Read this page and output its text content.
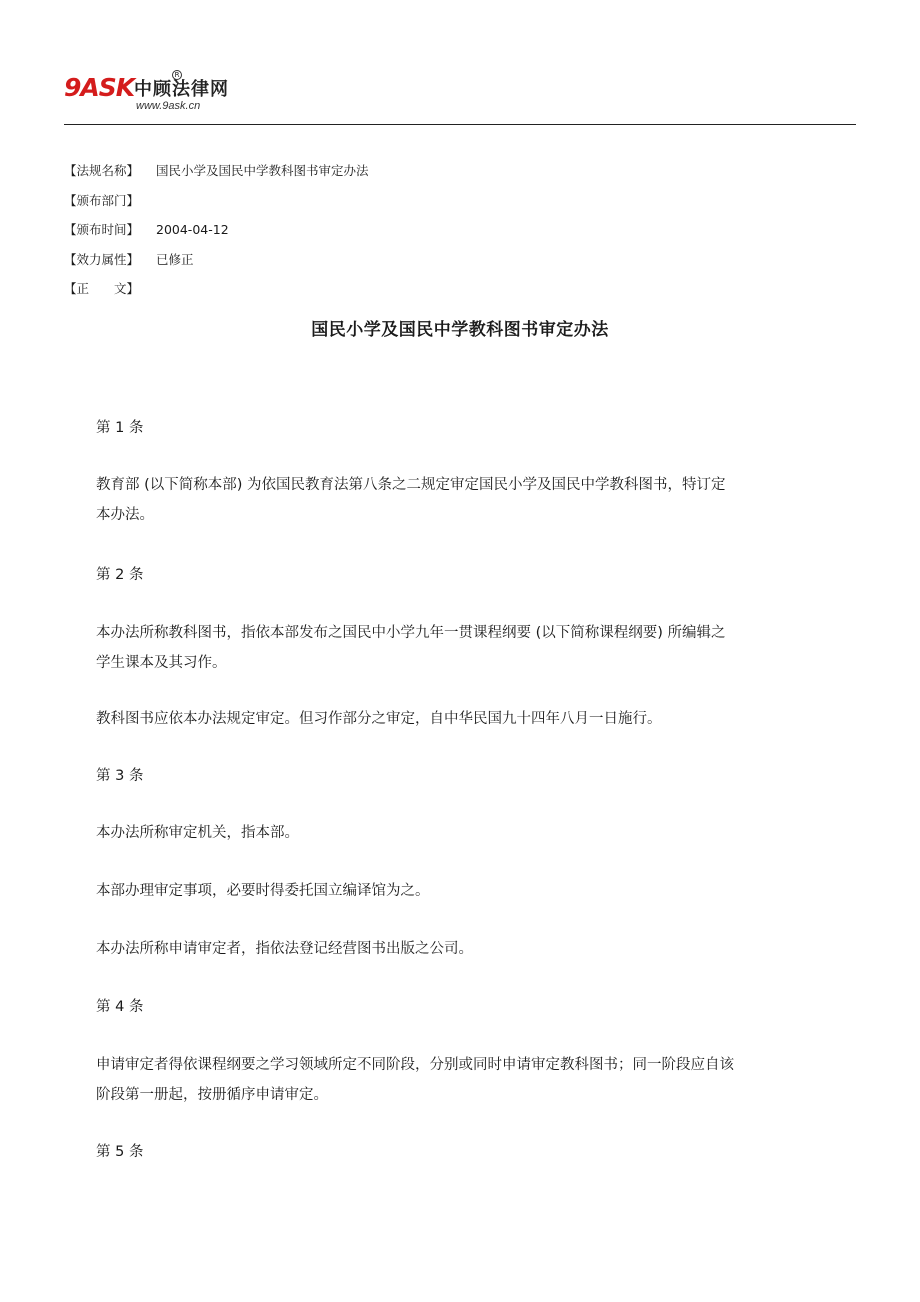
9ASK 中顾法律网
R
www.9ask.cn
【法规名称】 国民小学及国民中学教科图书审定办法
【颁布部门】
【颁布时间】 2004-04-12
【效力属性】 已修正
【正　　文】
国民小学及国民中学教科图书审定办法
第 1 条
教育部 (以下简称本部) 为依国民教育法第八条之二规定审定国民小学及国民中学教科图书，特订定本办法。
第 2 条
本办法所称教科图书，指依本部发布之国民中小学九年一贯课程纲要 (以下简称课程纲要) 所编辑之学生课本及其习作。
教科图书应依本办法规定审定。但习作部分之审定，自中华民国九十四年八月一日施行。
第 3 条
本办法所称审定机关，指本部。
本部办理审定事项，必要时得委托国立编译馆为之。
本办法所称申请审定者，指依法登记经营图书出版之公司。
第 4 条
申请审定者得依课程纲要之学习领域所定不同阶段，分别或同时申请审定教科图书；同一阶段应自该阶段第一册起，按册循序申请审定。
第 5 条
